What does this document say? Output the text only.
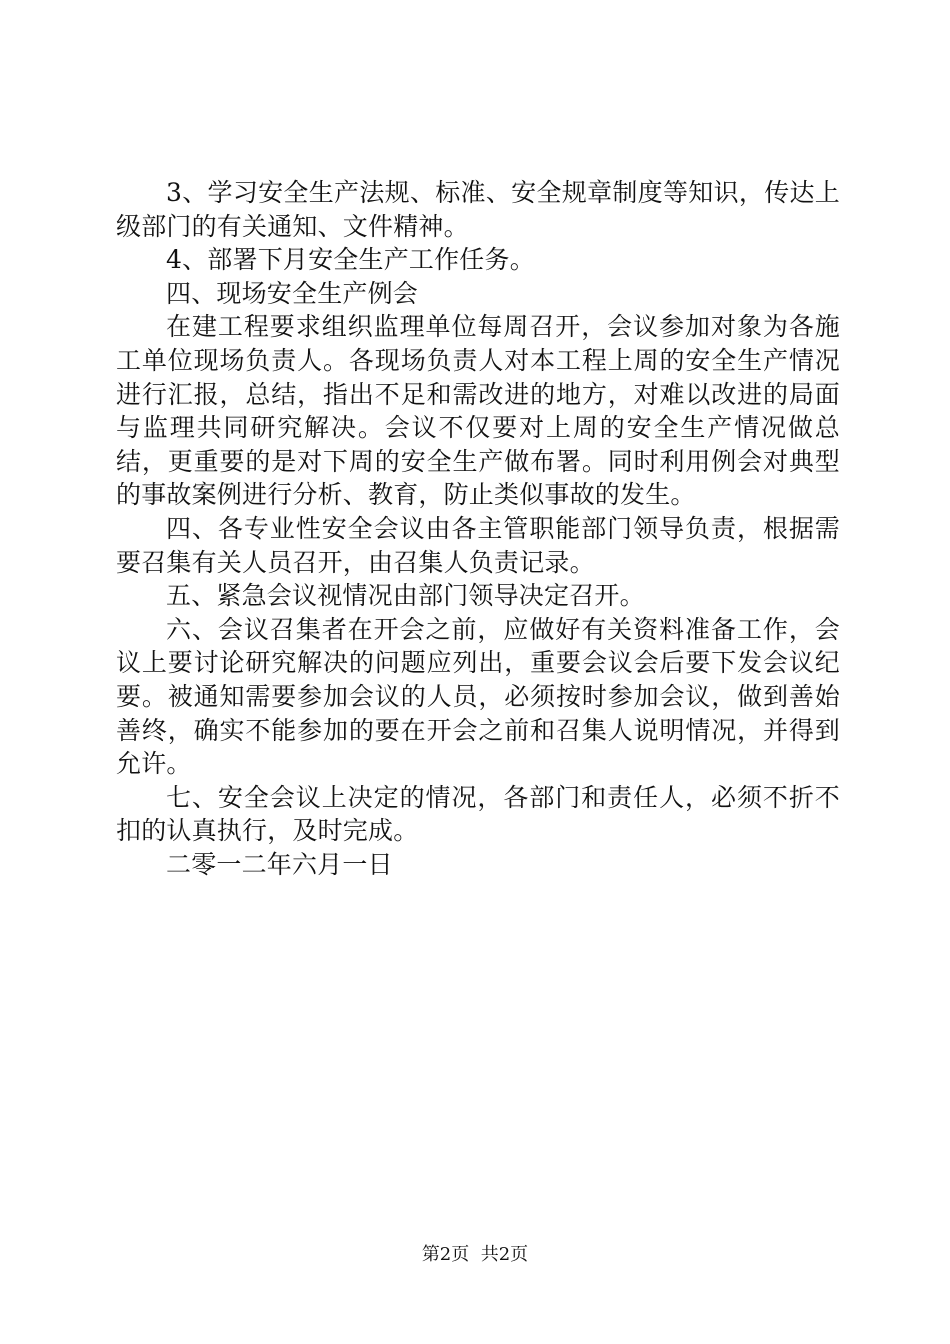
3、学习安全生产法规、标准、安全规章制度等知识，传达上级部门的有关通知、文件精神。

4、部署下月安全生产工作任务。

四、现场安全生产例会

在建工程要求组织监理单位每周召开，会议参加对象为各施工单位现场负责人。各现场负责人对本工程上周的安全生产情况进行汇报，总结，指出不足和需改进的地方，对难以改进的局面与监理共同研究解决。会议不仅要对上周的安全生产情况做总结，更重要的是对下周的安全生产做布署。同时利用例会对典型的事故案例进行分析、教育，防止类似事故的发生。

四、各专业性安全会议由各主管职能部门领导负责，根据需要召集有关人员召开，由召集人负责记录。

五、紧急会议视情况由部门领导决定召开。

六、会议召集者在开会之前，应做好有关资料准备工作，会议上要讨论研究解决的问题应列出，重要会议会后要下发会议纪要。被通知需要参加会议的人员，必须按时参加会议，做到善始善终，确实不能参加的要在开会之前和召集人说明情况，并得到允许。

七、安全会议上决定的情况，各部门和责任人，必须不折不扣的认真执行，及时完成。

二零一二年六月一日

第2页 共2页
